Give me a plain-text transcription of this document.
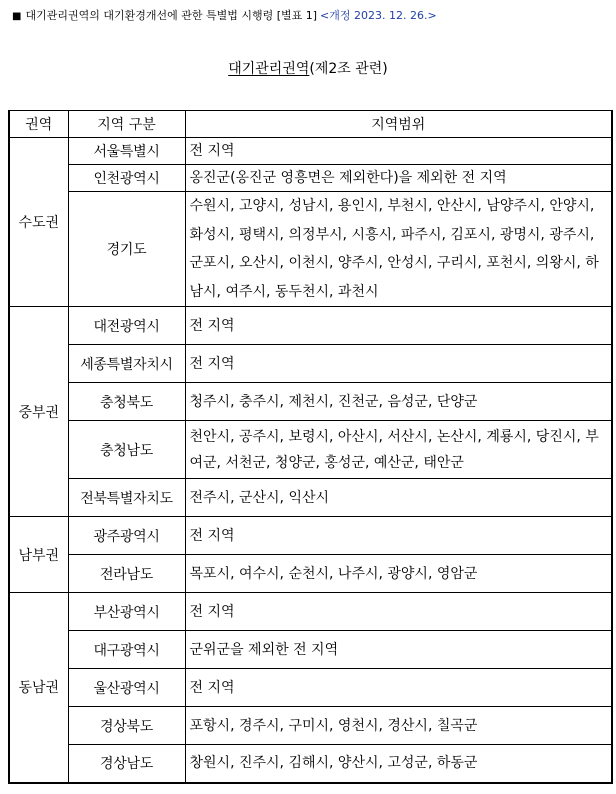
■ 대기관리권역의 대기환경개선에 관한 특별법 시행령 [별표 1] <개정 2023. 12. 26.>
대기관리권역(제2조 관련)
권역	지역 구분	지역범위
수도권	서울특별시	전 지역
	인천광역시	옹진군(옹진군 영흥면은 제외한다)을 제외한 전 지역
	경기도	수원시, 고양시, 성남시, 용인시, 부천시, 안산시, 남양주시, 안양시, 화성시, 평택시, 의정부시, 시흥시, 파주시, 김포시, 광명시, 광주시, 군포시, 오산시, 이천시, 양주시, 안성시, 구리시, 포천시, 의왕시, 하남시, 여주시, 동두천시, 과천시
중부권	대전광역시	전 지역
	세종특별자치시	전 지역
	충청북도	청주시, 충주시, 제천시, 진천군, 음성군, 단양군
	충청남도	천안시, 공주시, 보령시, 아산시, 서산시, 논산시, 계룡시, 당진시, 부여군, 서천군, 청양군, 홍성군, 예산군, 태안군
	전북특별자치도	전주시, 군산시, 익산시
남부권	광주광역시	전 지역
	전라남도	목포시, 여수시, 순천시, 나주시, 광양시, 영암군
동남권	부산광역시	전 지역
	대구광역시	군위군을 제외한 전 지역
	울산광역시	전 지역
	경상북도	포항시, 경주시, 구미시, 영천시, 경산시, 칠곡군
	경상남도	창원시, 진주시, 김해시, 양산시, 고성군, 하동군
